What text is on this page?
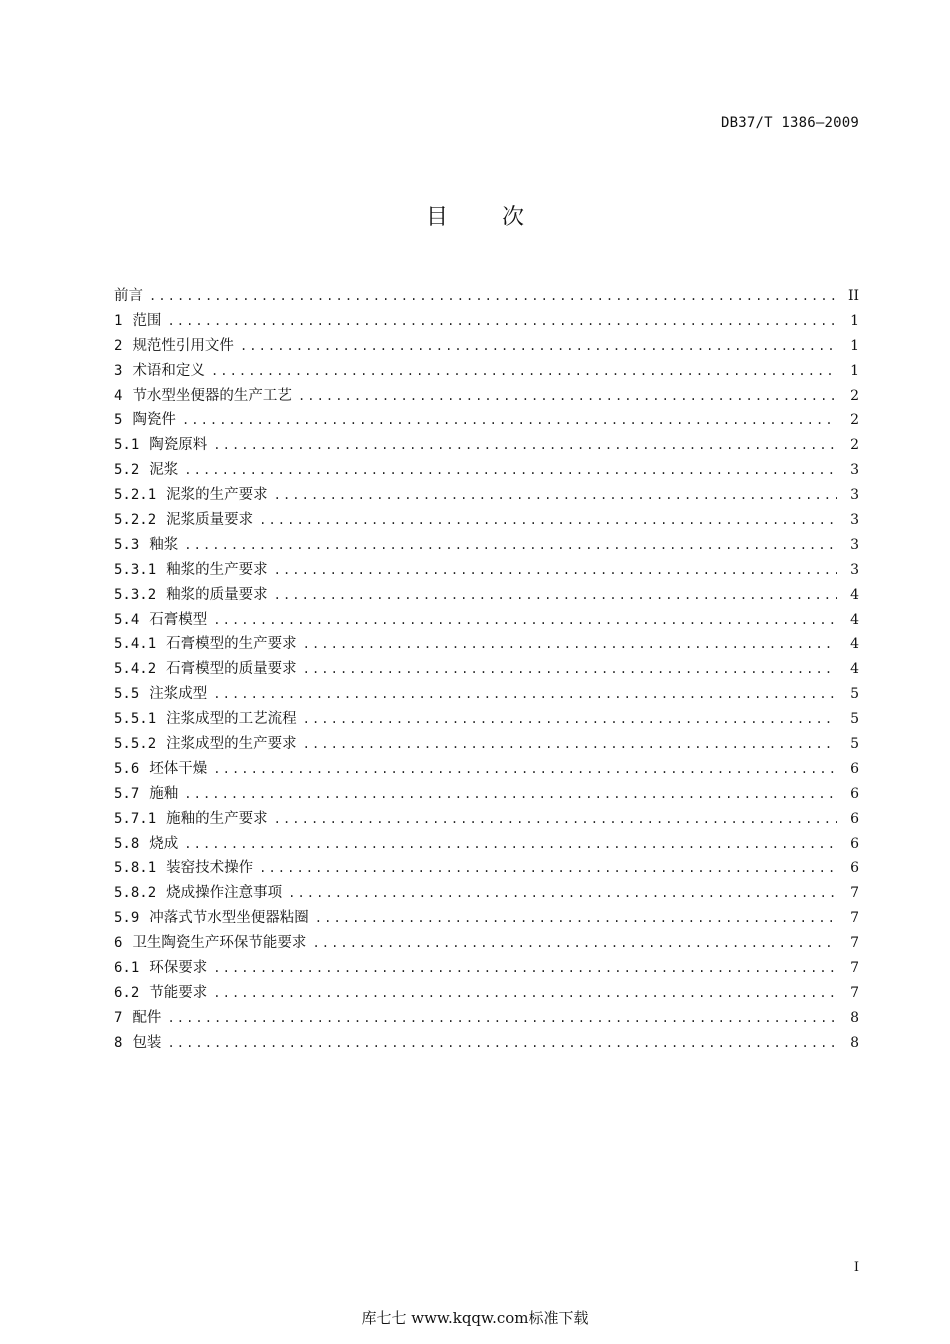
DB37/T 1386—2009
目次
前言 .....	II
1 范围 .....	1
2 规范性引用文件 .....	1
3 术语和定义 .....	1
4 节水型坐便器的生产工艺 .....	2
5 陶瓷件 .....	2
5.1 陶瓷原料 .....	2
5.2 泥浆 .....	3
5.2.1 泥浆的生产要求 .....	3
5.2.2 泥浆质量要求 .....	3
5.3 釉浆 .....	3
5.3.1 釉浆的生产要求 .....	3
5.3.2 釉浆的质量要求 .....	4
5.4 石膏模型 .....	4
5.4.1 石膏模型的生产要求 .....	4
5.4.2 石膏模型的质量要求 .....	4
5.5 注浆成型 .....	5
5.5.1 注浆成型的工艺流程 .....	5
5.5.2 注浆成型的生产要求 .....	5
5.6 坯体干燥 .....	6
5.7 施釉 .....	6
5.7.1 施釉的生产要求 .....	6
5.8 烧成 .....	6
5.8.1 装窑技术操作 .....	6
5.8.2 烧成操作注意事项 .....	7
5.9 冲落式节水型坐便器粘圈 .....	7
6 卫生陶瓷生产环保节能要求 .....	7
6.1 环保要求 .....	7
6.2 节能要求 .....	7
7 配件 .....	8
8 包装 .....	8
I
库七七 www.kqqw.com标准下载
